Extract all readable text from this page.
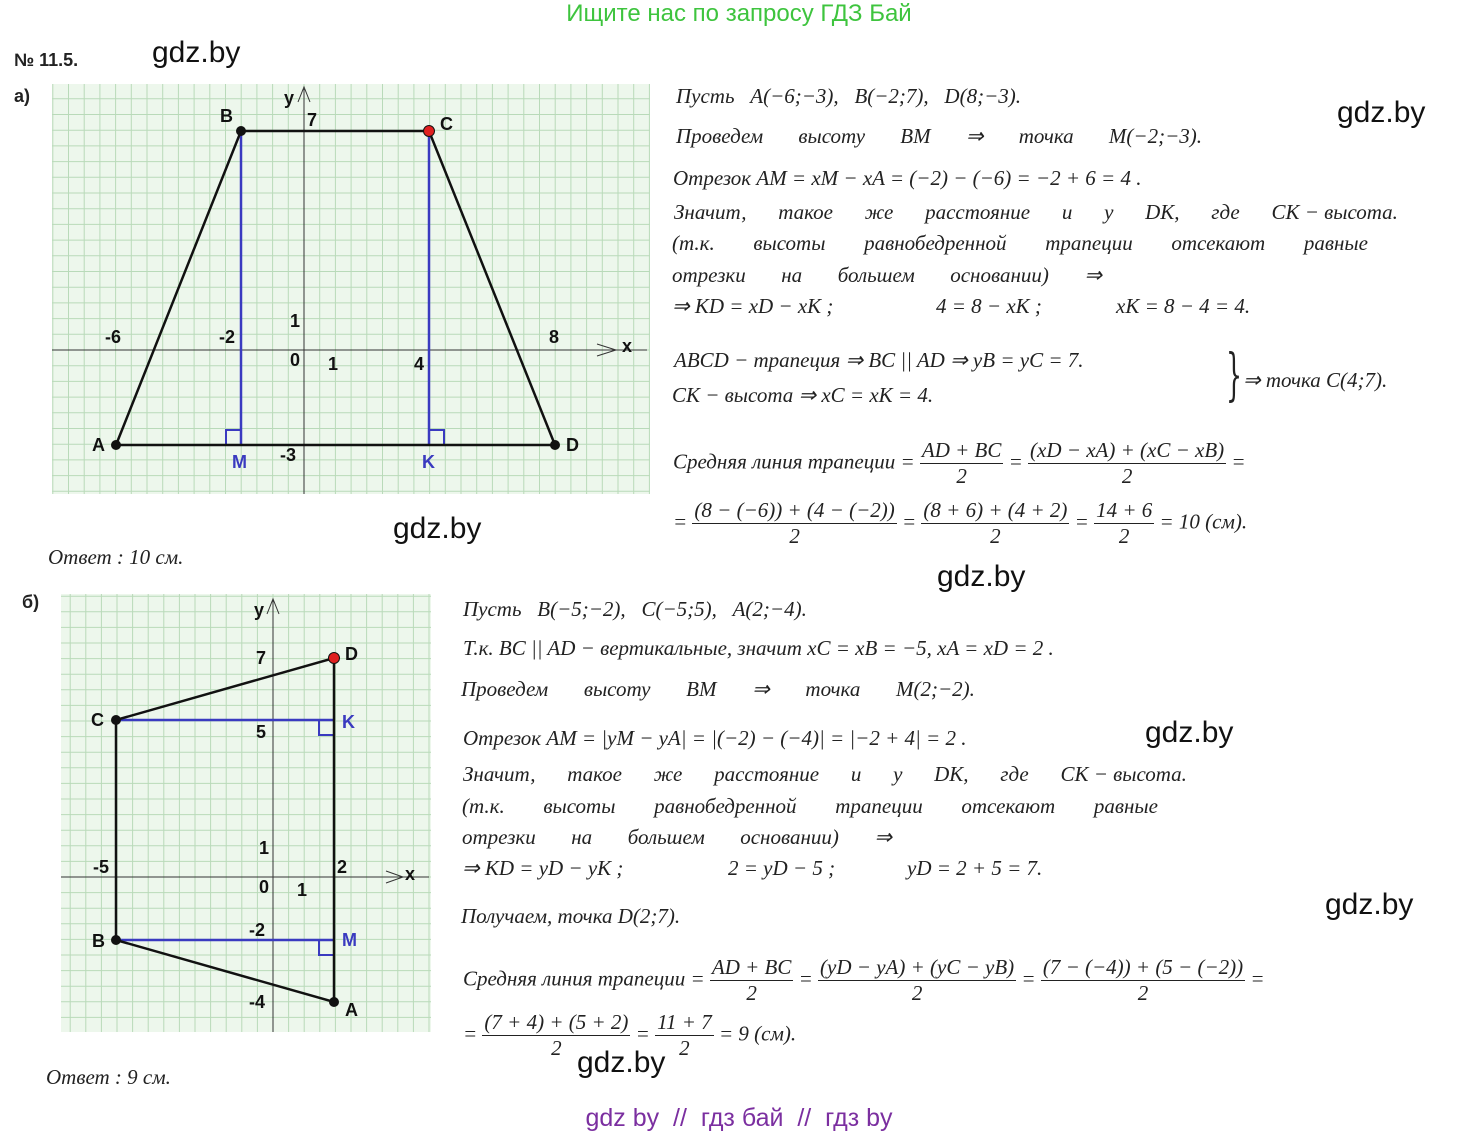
Ищите нас по запросу ГДЗ Бай
№ 11.5.
а)
б)
gdz.by
gdz.by
gdz.by
gdz.by
gdz.by
gdz.by
gdz.by
x
y
0
-6	-2
1	4
8
7
1
-3
A
B	C
D
M	K
x
y
0
-5
1
2
7
5
1
-2
-4	A
B
C
D
K
M
Пусть A(−6;−3), B(−2;7), D(8;−3).
Проведем высоту BM ⇒ точка M(−2;−3).
Отрезок AM = xM − xA = (−2) − (−6) = −2 + 6 = 4 .
Значит, такое же расстояние и у DK, где CK − высота.
(т.к. высоты равнобедренной трапеции отсекают равные
отрезки на большем основании) ⇒
⇒ KD = xD − xK ;	4 = 8 − xK ;	xK = 8 − 4 = 4.
ABCD − трапеция ⇒ BC || AD ⇒ yB = yC = 7.
CK − высота ⇒ xC = xK = 4.	} ⇒ точка C(4;7).
Средняя линия трапеции = $\frac{AD + BC}{2} = \frac{(xD - xA) + (xC - xB)}{2}$ =
= $\frac{(8 - (-6)) + (4 - (-2))}{2} = \frac{(8 + 6) + (4 + 2)}{2} = \frac{14 + 6}{2} = 10$ (см).
Ответ : 10 см.
Пусть B(−5;−2), C(−5;5), A(2;−4).
Т.к. BC || AD − вертикальные, значит xC = xB = −5, xA = xD = 2 .
Проведем высоту BM ⇒ точка M(2;−2).
Отрезок AM = |yM − yA| = |(−2) − (−4)| = |−2 + 4| = 2 .
Значит, такое же расстояние и у DK, где CK − высота.
(т.к. высоты равнобедренной трапеции отсекают равные
отрезки на большем основании) ⇒
⇒ KD = yD − yK ;	2 = yD − 5 ;	yD = 2 + 5 = 7.
Получаем, точка D(2;7).
Средняя линия трапеции = $\frac{AD + BC}{2} = \frac{(yD - yA) + (yC - yB)}{2} = \frac{(7 - (-4)) + (5 - (-2))}{2}$ =
= $\frac{(7 + 4) + (5 + 2)}{2} = \frac{11 + 7}{2} = 9$ (см).
Ответ : 9 см.
gdz by // гдз бай // гдз by
